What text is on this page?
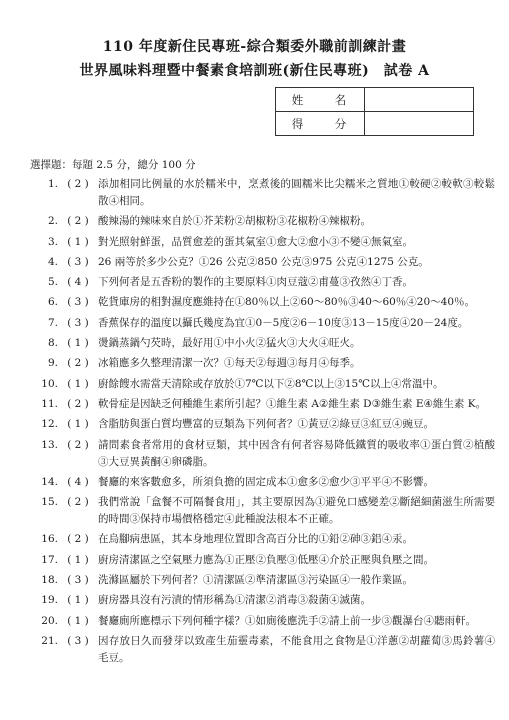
110 年度新住民專班-綜合類委外職前訓練計畫
世界風味料理暨中餐素食培訓班(新住民專班)　試卷 A
姓　名	
得　分	
選擇題：每題 2.5 分，總分 100 分
1. ( 2 ) 添加相同比例量的水於糯米中，烹煮後的圓糯米比尖糯米之質地①較硬②較軟③較鬆散④相同。
2. ( 2 ) 酸辣湯的辣味來自於①芥茉粉②胡椒粉③花椒粉④辣椒粉。
3. ( 1 ) 對光照射鮮蛋，品質愈差的蛋其氣室①愈大②愈小③不變④無氣室。
4. ( 3 ) 26 兩等於多少公克？①26 公克②850 公克③975 公克④1275 公克。
5. ( 4 ) 下列何者是五香粉的製作的主要原料①肉豆蔻②甫蔓③孜然④丁香。
6. ( 3 ) 乾貨庫房的相對濕度應維持在①80％以上②60～80％③40～60％④20～40％。
7. ( 3 ) 香蕉保存的溫度以攝氏幾度為宜①0－5度②6－10度③13－15度④20－24度。
8. ( 1 ) 燙鍋蒸鍋勺芡時，最好用①中小火②猛火③大火④旺火。
9. ( 2 ) 冰箱應多久整理清潔一次？①每天②每週③每月④每季。
10. ( 1 ) 廚餘餿水需當天清除或存放於①7℃以下②8℃以上③15℃以上④常溫中。
11. ( 2 ) 軟骨症是因缺乏何種維生素所引起？①維生素 A②維生素 D③維生素 E④維生素 K。
12. ( 1 ) 含脂肪與蛋白質均豐富的豆類為下列何者？①黃豆②綠豆③紅豆④豌豆。
13. ( 2 ) 請問素食者常用的食材豆類，其中因含有何者容易降低鐵質的吸收率①蛋白質②植酸③大豆異黃酮④卵磷脂。
14. ( 4 ) 餐廳的來客數愈多，所須負擔的固定成本①愈多②愈少③平平④不影響。
15. ( 2 ) 我們常說「盒餐不可隔餐食用」，其主要原因為①避免口感變差②斷絕細菌滋生所需要的時間③保持市場價格穩定④此種說法根本不正確。
16. ( 2 ) 在烏腳病患區，其本身地理位置即含高百分比的①鉛②砷③鋁④汞。
17. ( 1 ) 廚房清潔區之空氣壓力應為①正壓②負壓③低壓④介於正壓與負壓之間。
18. ( 3 ) 洗滌區屬於下列何者？①清潔區②準清潔區③污染區④一般作業區。
19. ( 1 ) 廚房器具沒有污漬的情形稱為①清潔②消毒③殺菌④滅菌。
20. ( 1 ) 餐廳廁所應標示下列何種字樣？①如廁後應洗手②請上前一步③觀瀑台④聽雨軒。
21. ( 3 ) 因存放日久而發芽以致產生茄靈毒素，不能食用之食物是①洋蔥②胡蘿蔔③馬鈴薯④毛豆。
